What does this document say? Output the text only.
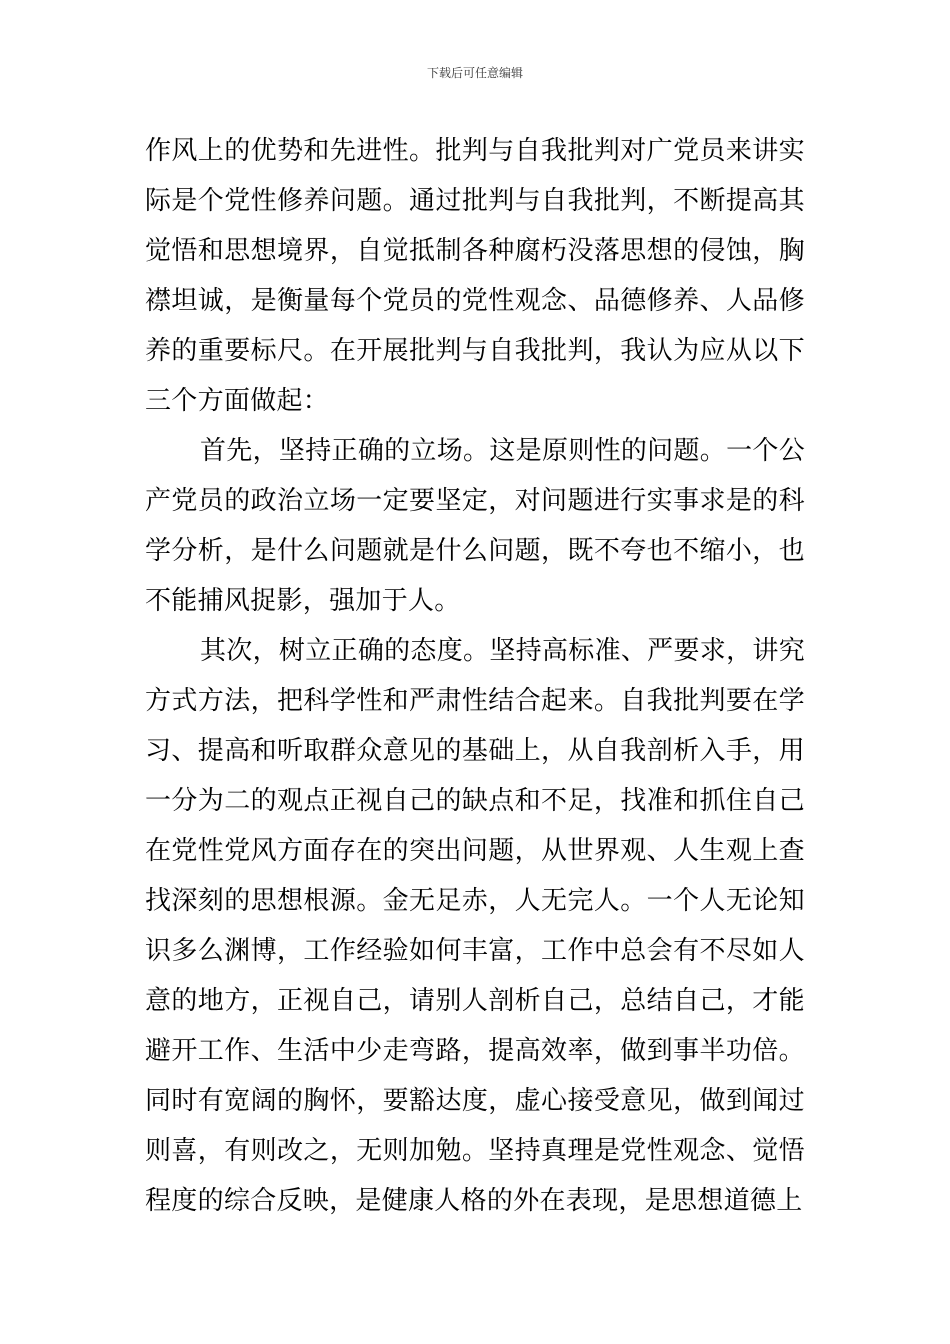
下载后可任意编辑

作风上的优势和先进性。批判与自我批判对广党员来讲实际是个党性修养问题。通过批判与自我批判，不断提高其觉悟和思想境界，自觉抵制各种腐朽没落思想的侵蚀，胸襟坦诚，是衡量每个党员的党性观念、品德修养、人品修养的重要标尺。在开展批判与自我批判，我认为应从以下三个方面做起：

首先，坚持正确的立场。这是原则性的问题。一个公产党员的政治立场一定要坚定，对问题进行实事求是的科学分析，是什么问题就是什么问题，既不夸也不缩小，也不能捕风捉影，强加于人。

其次，树立正确的态度。坚持高标准、严要求，讲究方式方法，把科学性和严肃性结合起来。自我批判要在学习、提高和听取群众意见的基础上，从自我剖析入手，用一分为二的观点正视自己的缺点和不足，找准和抓住自己在党性党风方面存在的突出问题，从世界观、人生观上查找深刻的思想根源。金无足赤，人无完人。一个人无论知识多么渊博，工作经验如何丰富，工作中总会有不尽如人意的地方，正视自己，请别人剖析自己，总结自己，才能避开工作、生活中少走弯路，提高效率，做到事半功倍。同时有宽阔的胸怀，要豁达度，虚心接受意见，做到闻过则喜，有则改之，无则加勉。坚持真理是党性观念、觉悟程度的综合反映，是健康人格的外在表现，是思想道德上
